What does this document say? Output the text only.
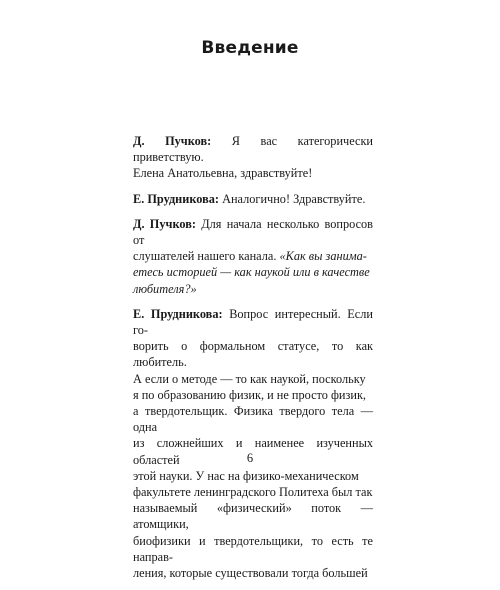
Введение

Д. Пучков: Я вас категорически приветствую.
Елена Анатольевна, здравствуйте!

Е. Прудникова: Аналогично! Здравствуйте.

Д. Пучков: Для начала несколько вопросов от
слушателей нашего канала. «Как вы занима-
етесь историей — как наукой или в качестве
любителя?»

Е. Прудникова: Вопрос интересный. Если го-
ворить о формальном статусе, то как любитель.
А если о методе — то как наукой, поскольку
я по образованию физик, и не просто физик,
а твердотельщик. Физика твердого тела — одна
из сложнейших и наименее изученных областей
этой науки. У нас на физико-механическом
факультете ленинградского Политеха был так
называемый «физический» поток — атомщики,
биофизики и твердотельщики, то есть те направ-
ления, которые существовали тогда большей

6
